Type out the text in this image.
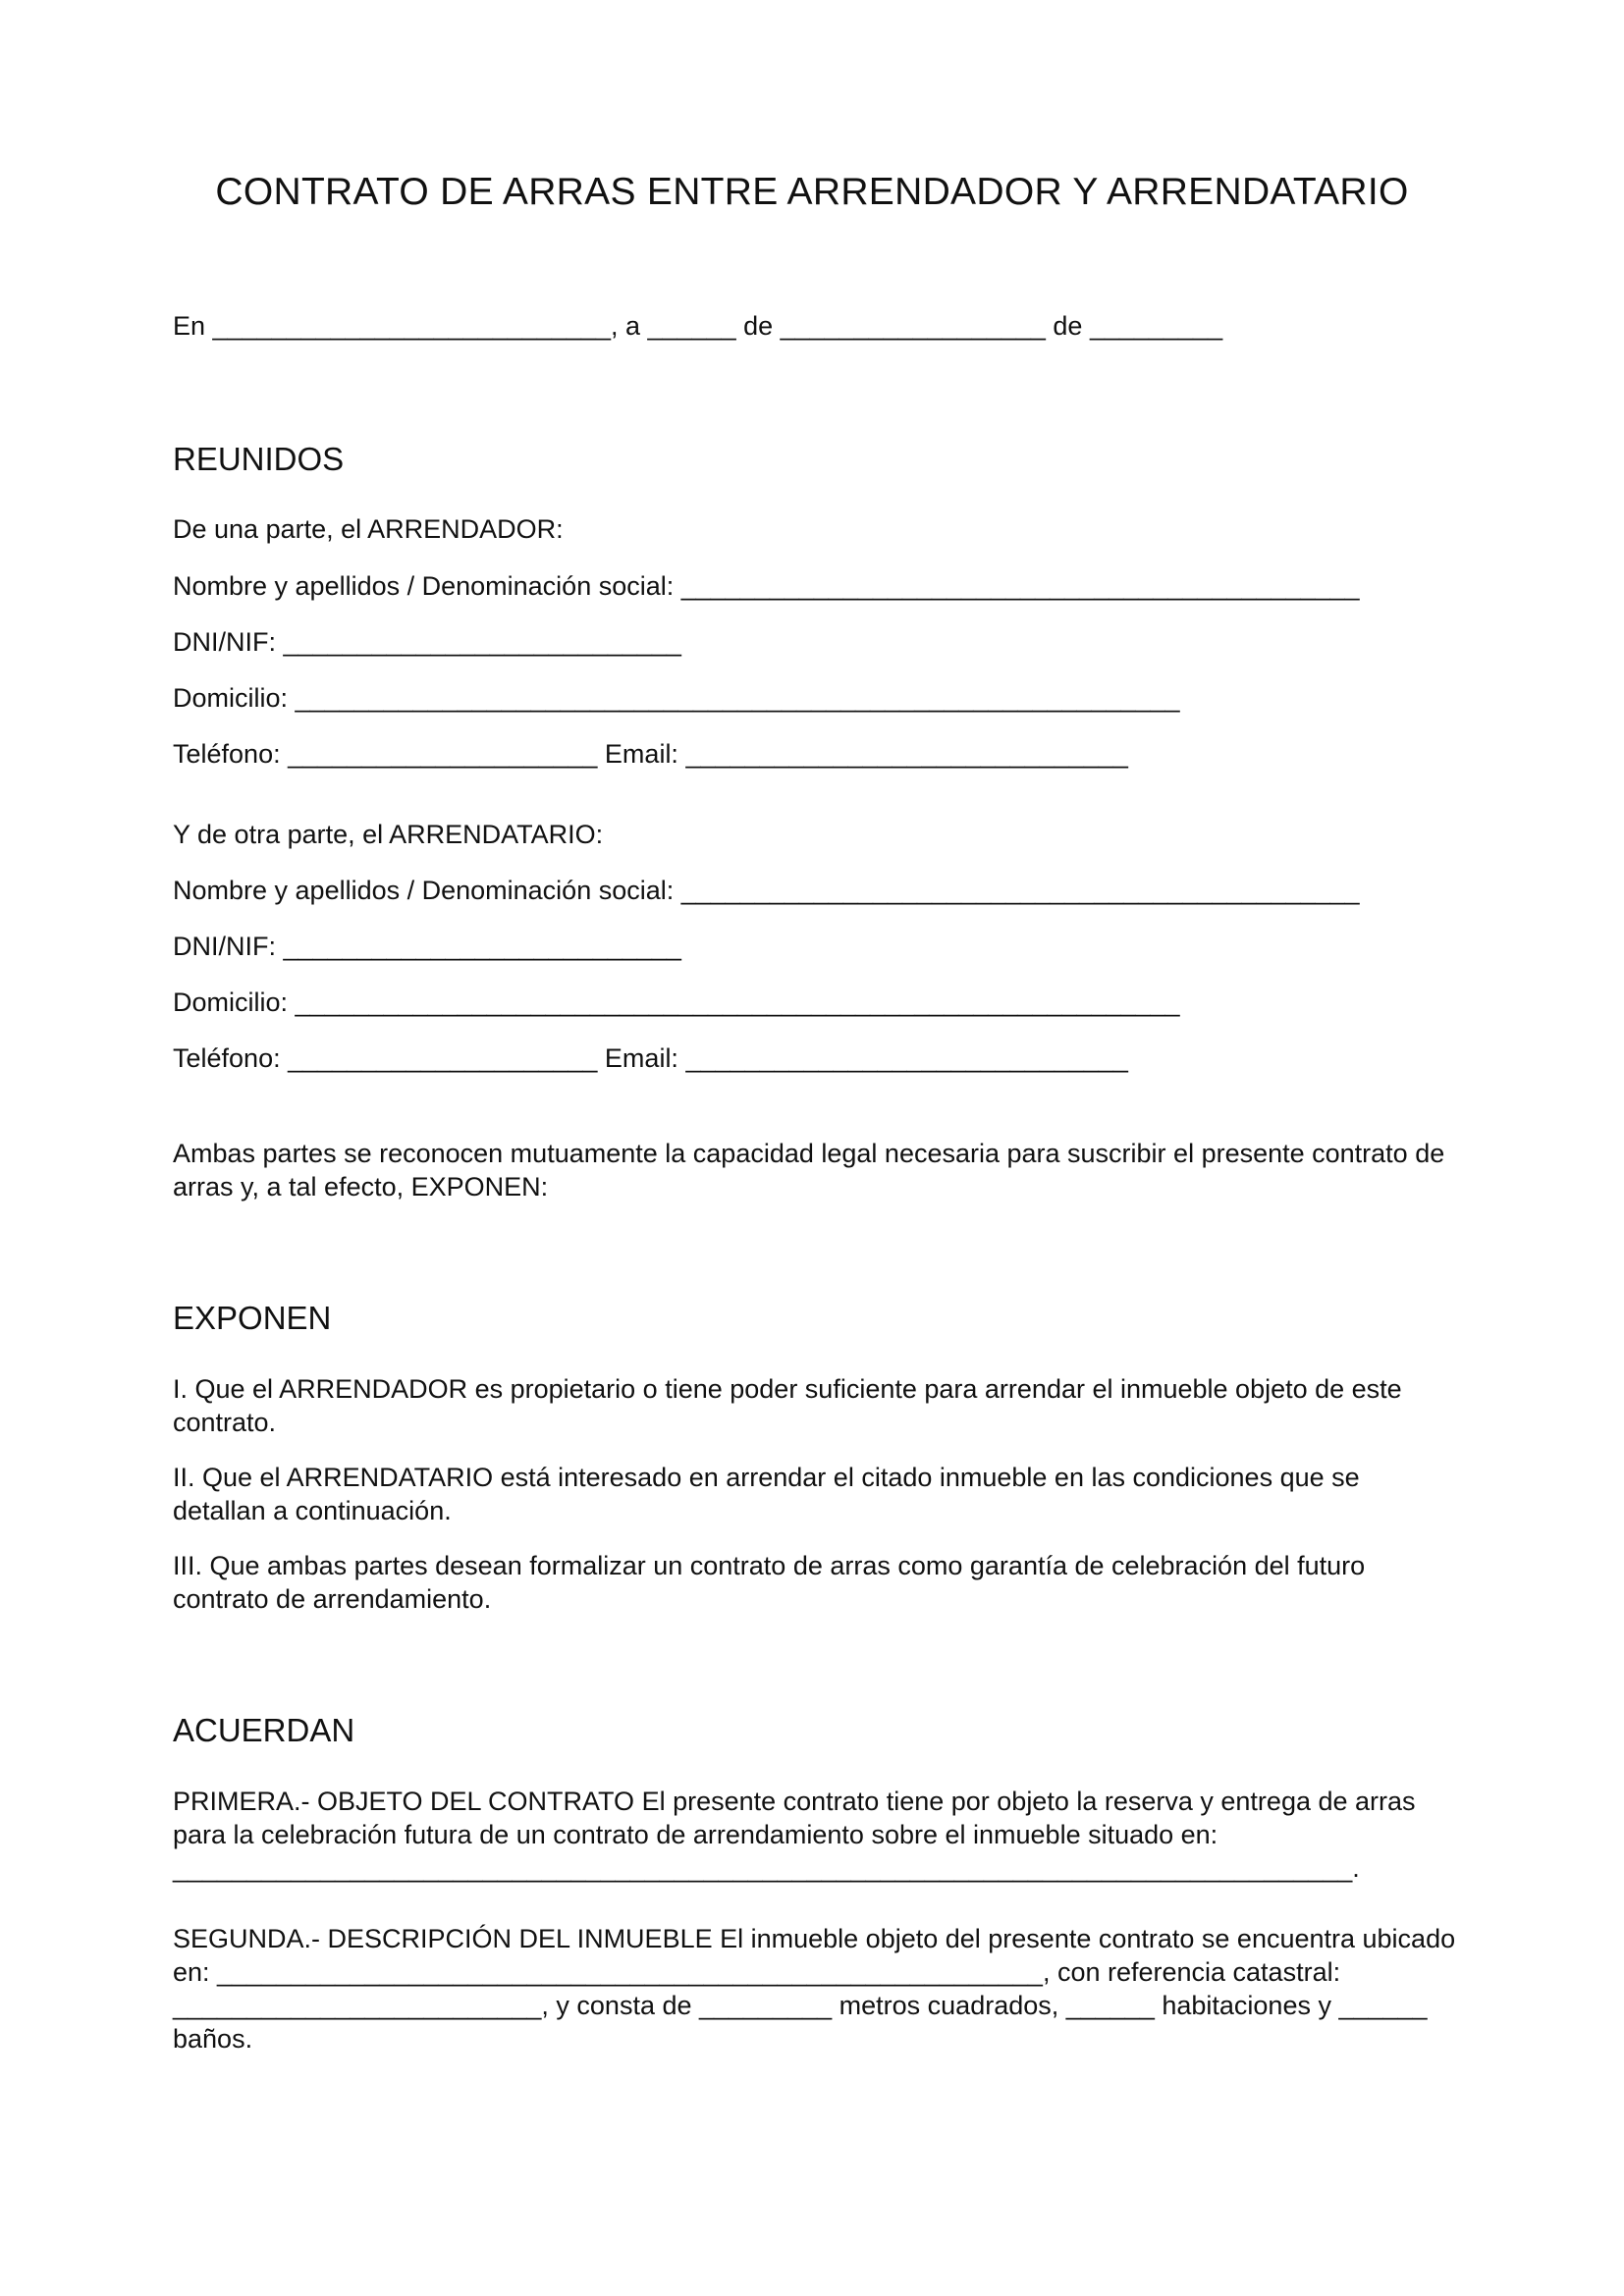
CONTRATO DE ARRAS ENTRE ARRENDADOR Y ARRENDATARIO
En ___________________________, a ______ de __________________ de _________
REUNIDOS
De una parte, el ARRENDADOR:
Nombre y apellidos / Denominación social: ______________________________________________
DNI/NIF: ___________________________
Domicilio: ____________________________________________________________
Teléfono: _____________________ Email: ______________________________
Y de otra parte, el ARRENDATARIO:
Nombre y apellidos / Denominación social: ______________________________________________
DNI/NIF: ___________________________
Domicilio: ____________________________________________________________
Teléfono: _____________________ Email: ______________________________
Ambas partes se reconocen mutuamente la capacidad legal necesaria para suscribir el presente contrato de arras y, a tal efecto, EXPONEN:
EXPONEN
I. Que el ARRENDADOR es propietario o tiene poder suficiente para arrendar el inmueble objeto de este contrato.
II. Que el ARRENDATARIO está interesado en arrendar el citado inmueble en las condiciones que se detallan a continuación.
III. Que ambas partes desean formalizar un contrato de arras como garantía de celebración del futuro contrato de arrendamiento.
ACUERDAN
PRIMERA.- OBJETO DEL CONTRATO El presente contrato tiene por objeto la reserva y entrega de arras para la celebración futura de un contrato de arrendamiento sobre el inmueble situado en: ________________________________________________________________________________.
SEGUNDA.- DESCRIPCIÓN DEL INMUEBLE El inmueble objeto del presente contrato se encuentra ubicado en: ________________________________________________________, con referencia catastral: _________________________, y consta de _________ metros cuadrados, ______ habitaciones y ______ baños.
